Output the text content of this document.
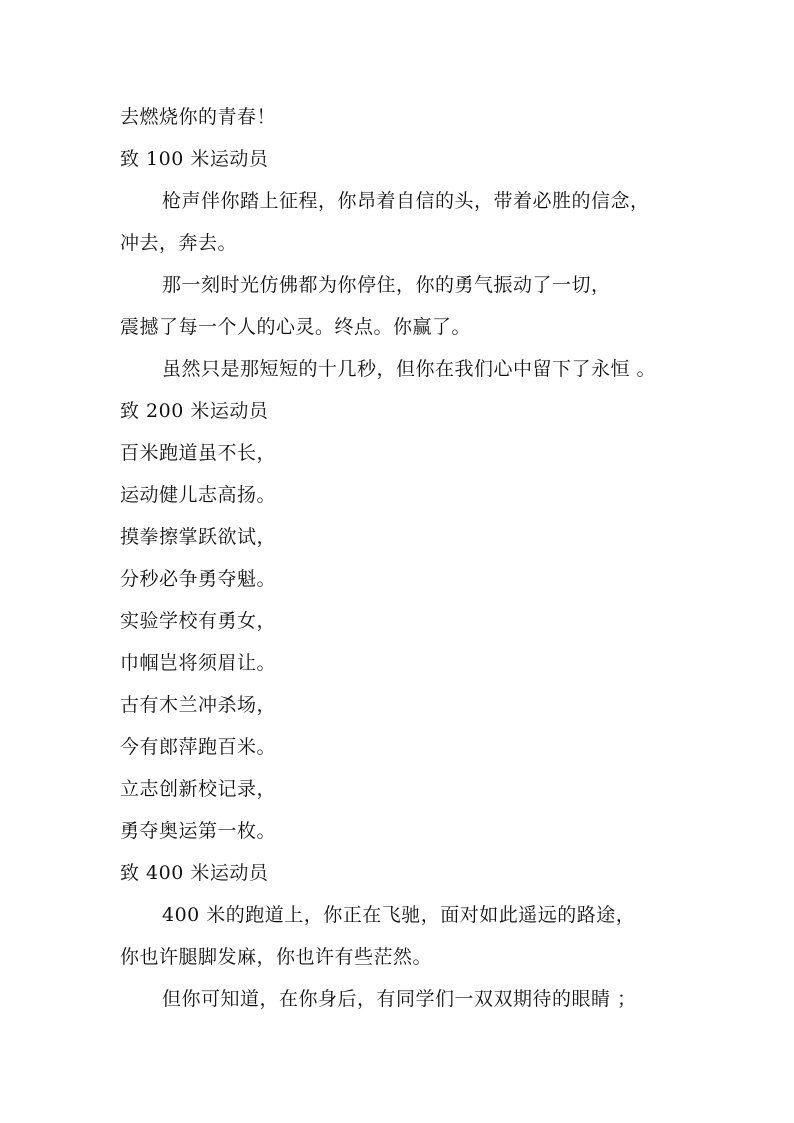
去燃烧你的青春！
致 100 米运动员
枪声伴你踏上征程，你昂着自信的头，带着必胜的信念，
冲去，奔去。
那一刻时光仿佛都为你停住，你的勇气振动了一切，
震撼了每一个人的心灵。终点。你赢了。
虽然只是那短短的十几秒，但你在我们心中留下了永恒 。
致 200 米运动员
百米跑道虽不长，
运动健儿志高扬。
摸拳擦掌跃欲试，
分秒必争勇夺魁。
实验学校有勇女，
巾帼岂将须眉让。
古有木兰冲杀场，
今有郎萍跑百米。
立志创新校记录，
勇夺奥运第一枚。
致 400 米运动员
400 米的跑道上，你正在飞驰，面对如此遥远的路途，
你也许腿脚发麻，你也许有些茫然。
但你可知道，在你身后，有同学们一双双期待的眼睛 ；
